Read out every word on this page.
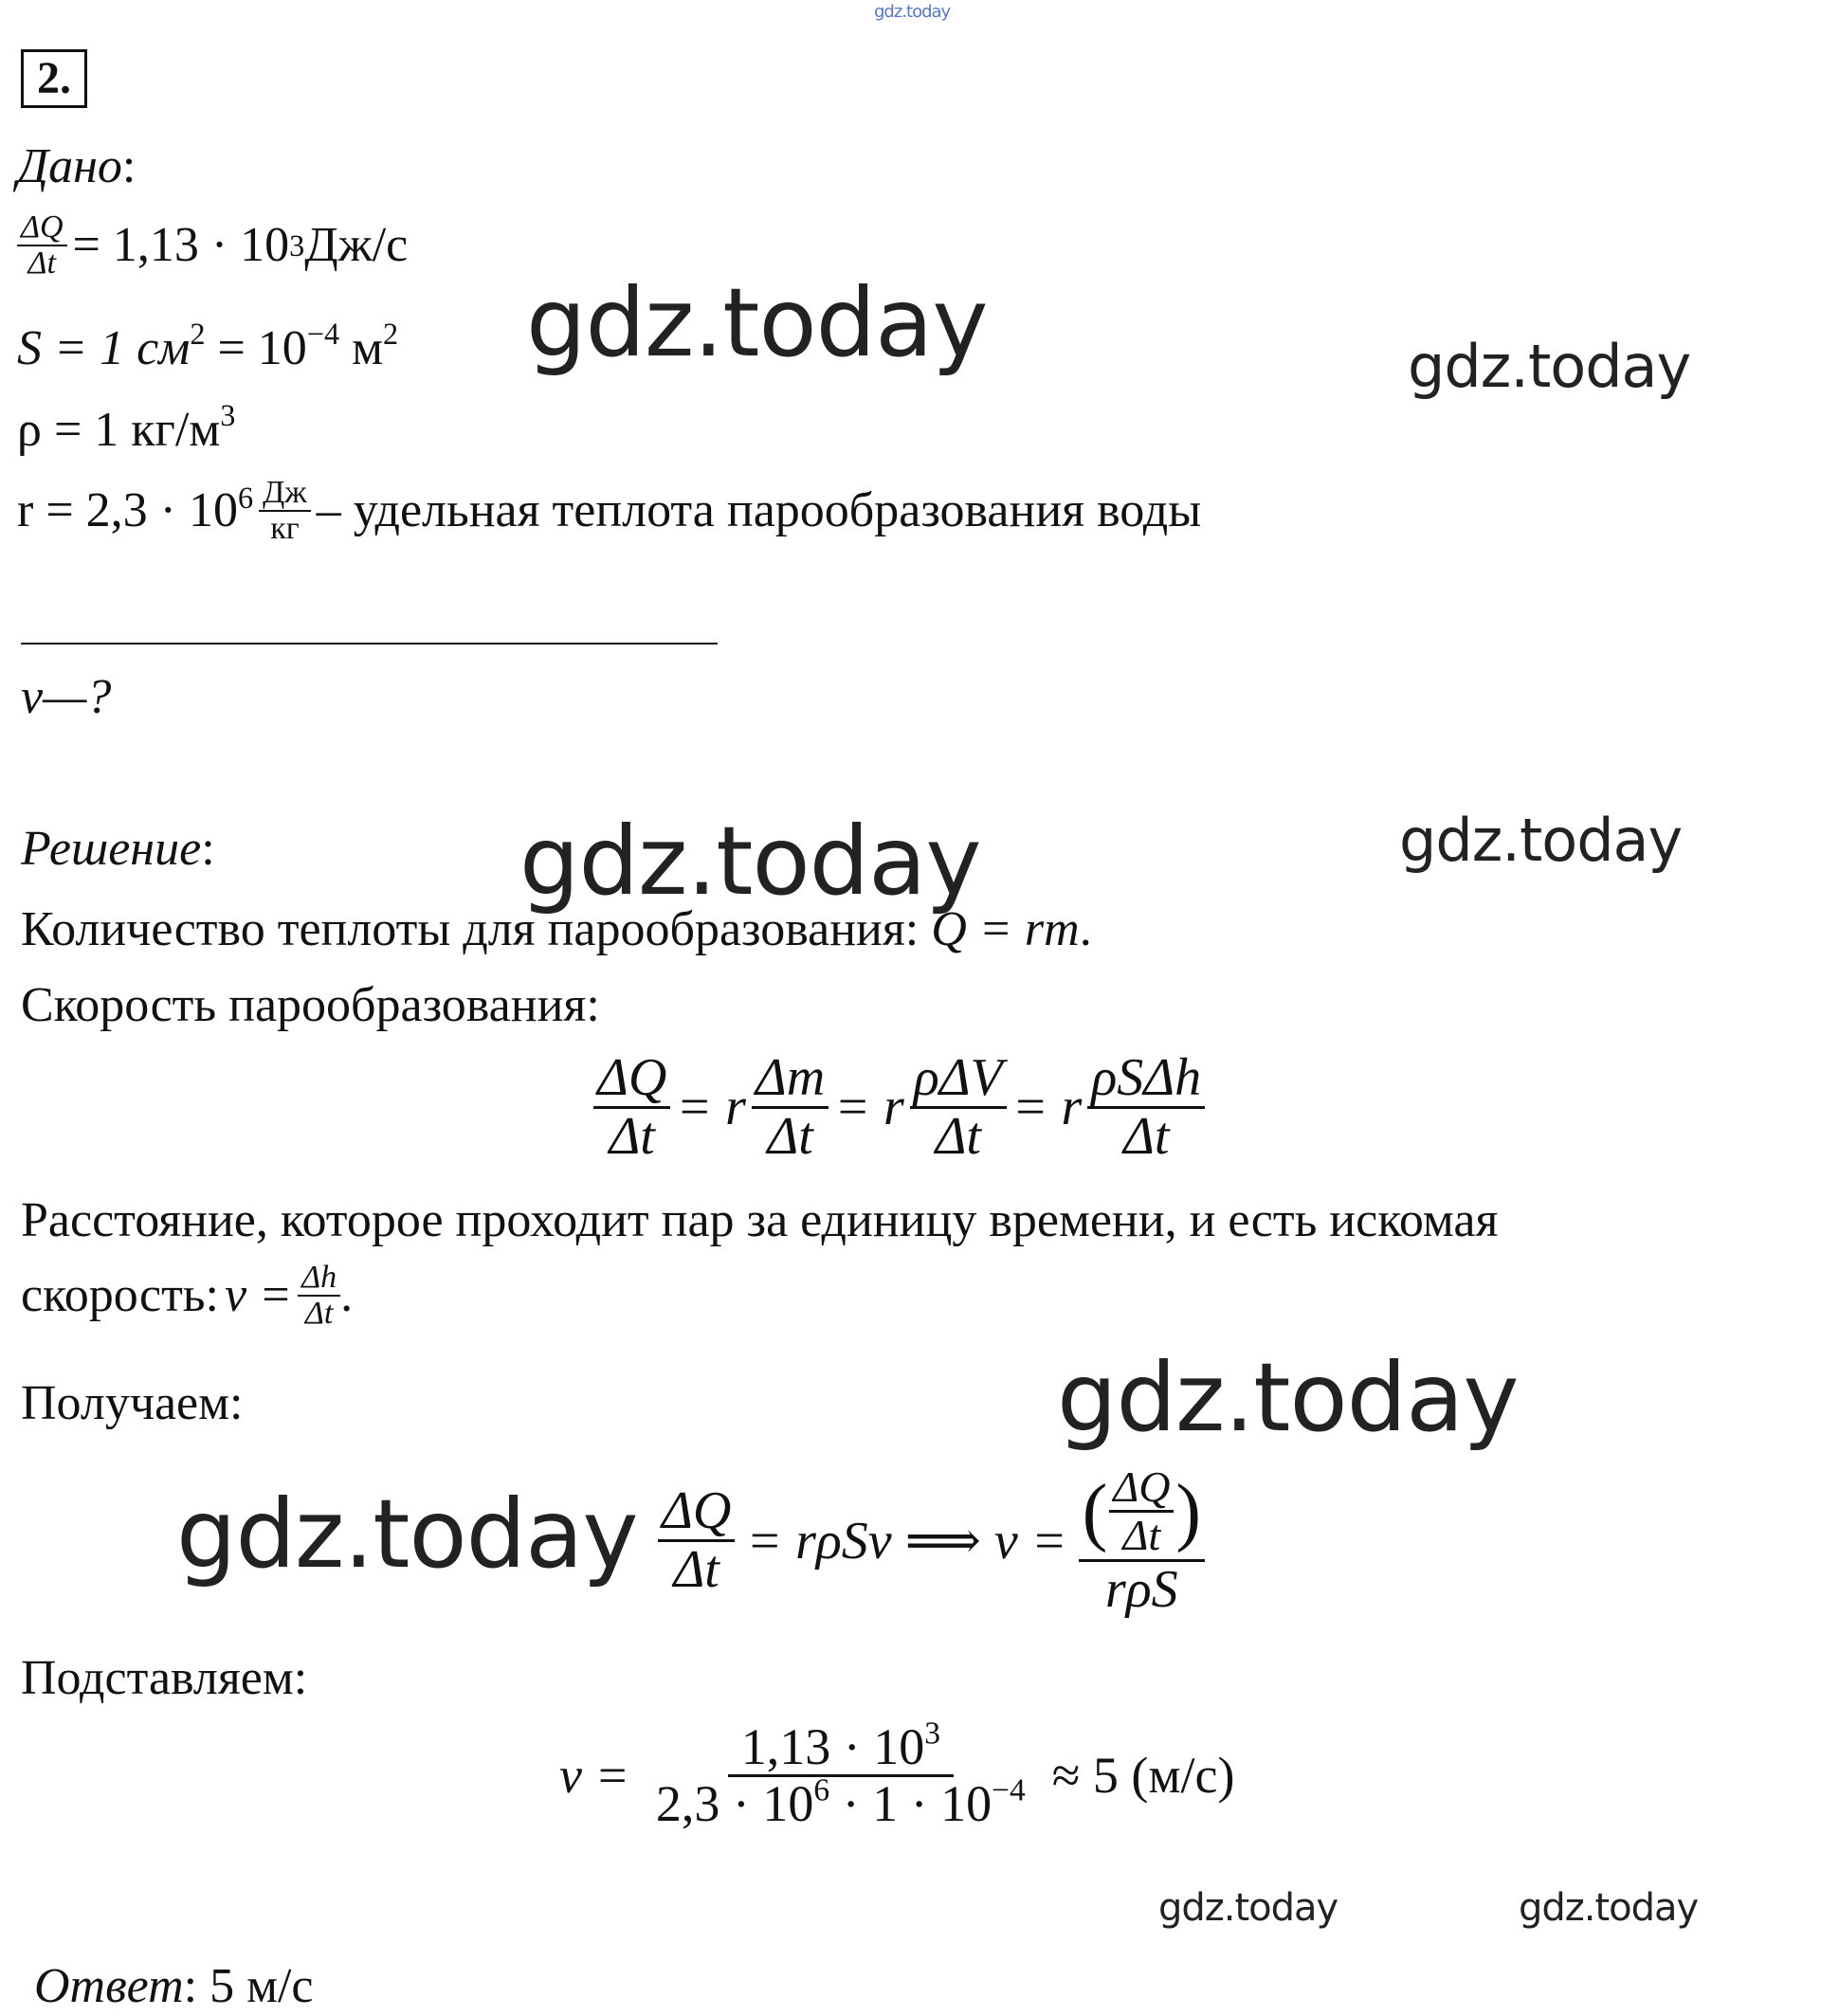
gdz.today
2.
Дано:
$\frac{\Delta Q}{\Delta t} = 1,13 \cdot 10$ 3 Дж/с
S = 1 $см^2 = 10^{-4}$ $м^2$
ρ = 1 $кг/м^3$
$r = 2,3 \cdot 10^6 \frac{Дж}{кг}$ – удельная теплота парообразования воды
v—?
Решение:
Количество теплоты для парообразования: Q = rm.
Скорость парообразования:
$\frac{\Delta Q}{\Delta t} = r \frac{\Delta m}{\Delta t} = r \frac{\text{ρΔV}}{\Delta t} = r \frac{\text{ρSΔh}}{\Delta t}$
Расстояние, которое проходит пар за единицу времени, и есть искомая
скорость: $v = \frac{\Delta h}{\Delta t}$ .
Получаем:
$\frac{\Delta Q}{\Delta t} = r\rho Sv$ ⟹ $v = \frac{( \frac{\Delta Q}{\Delta t} )}{\text{rρS}}$
Подставляем:
$v = \frac{1,13 \cdot 10^3}{2,3 \cdot 10^6 \cdot 1 \cdot 10^{-4}} \approx 5$ (м/с)
Ответ: 5 м/с
gdz.today	gdz.today
gdz.today	gdz.today
gdz.today
gdz.today
gdz.today	gdz.today
